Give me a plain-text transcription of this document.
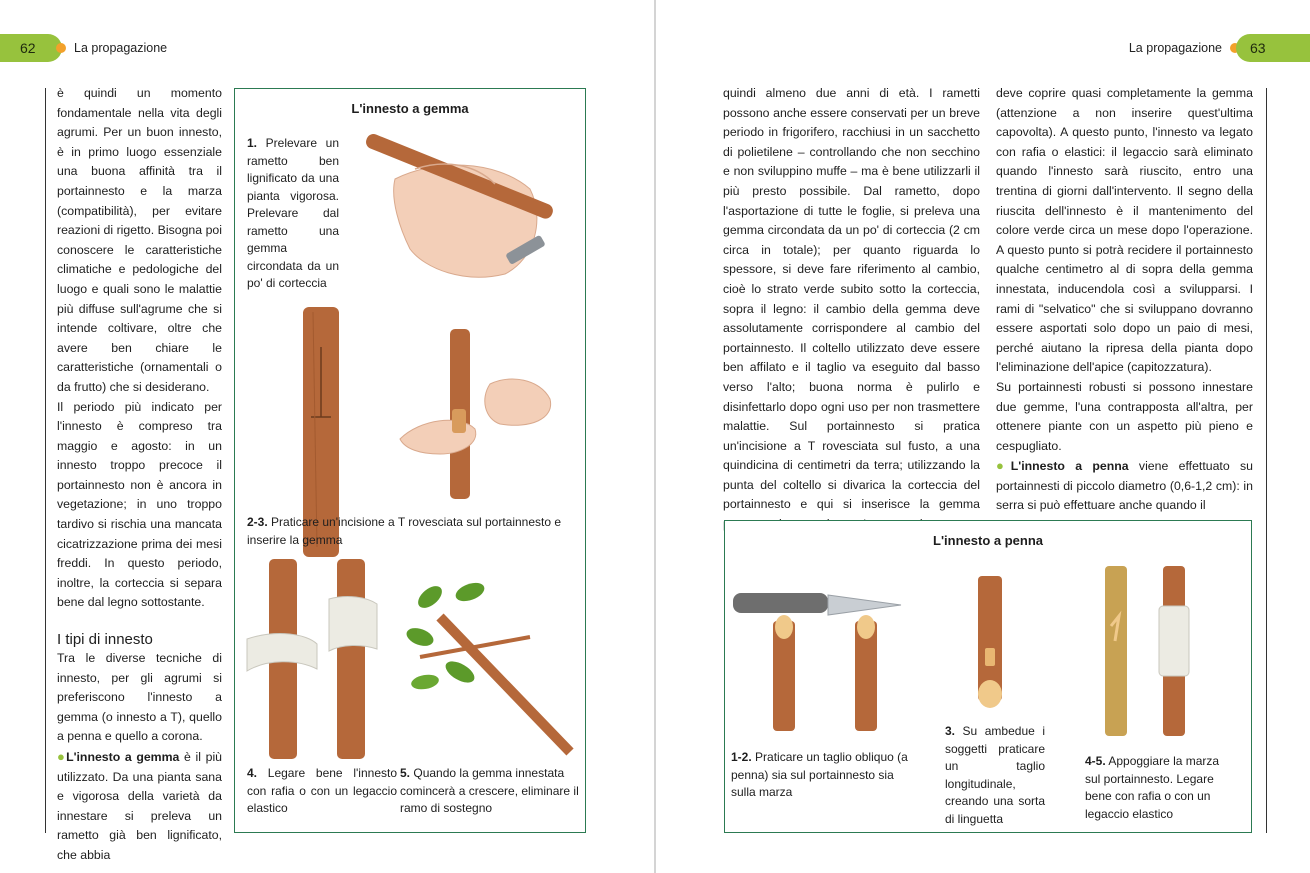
62	La propagazione

è quindi un momento fondamentale nella vita degli agrumi. Per un buon innesto, è in primo luogo essenziale una buona affinità tra il portainnesto e la marza (compatibilità), per evitare reazioni di rigetto. Bisogna poi conoscere le caratteristiche climatiche e pedologiche del luogo e quali sono le malattie più diffuse sull'agrume che si intende coltivare, oltre che avere ben chiare le caratteristiche (ornamentali o da frutto) che si desiderano.

Il periodo più indicato per l'innesto è compreso tra maggio e agosto: in un innesto troppo precoce il portainnesto non è ancora in vegetazione; in uno troppo tardivo si rischia una mancata cicatrizzazione prima dei mesi freddi. In questo periodo, inoltre, la corteccia si separa bene dal legno sottostante.

I tipi di innesto

Tra le diverse tecniche di innesto, per gli agrumi si preferiscono l'innesto a gemma (o innesto a T), quello a penna e quello a corona.

●L'innesto a gemma è il più utilizzato. Da una pianta sana e vigorosa della varietà da innestare si preleva un rametto già ben lignificato, che abbia

L'innesto a gemma
1. Prelevare un rametto ben lignificato da una pianta vigorosa. Prelevare dal rametto una gemma circondata da un po' di corteccia
2-3. Praticare un'incisione a T rovesciata sul portainnesto e inserire la gemma
4. Legare bene l'innesto con rafia o con un legaccio elastico
5. Quando la gemma innestata comincerà a crescere, eliminare il ramo di sostegno
La propagazione	63

quindi almeno due anni di età. I rametti possono anche essere conservati per un breve periodo in frigorifero, racchiusi in un sacchetto di polietilene – controllando che non secchino e non sviluppino muffe – ma è bene utilizzarli il più presto possibile. Dal rametto, dopo l'asportazione di tutte le foglie, si preleva una gemma circondata da un po' di corteccia (2 cm circa in totale); per quanto riguarda lo spessore, si deve fare riferimento al cambio, cioè lo strato verde subito sotto la corteccia, sopra il legno: il cambio della gemma deve assolutamente corrispondere al cambio del portainnesto. Il coltello utilizzato deve essere ben affilato e il taglio va eseguito dal basso verso l'alto; buona norma è pulirlo e disinfettarlo dopo ogni uso per non trasmettere malattie. Sul portainnesto si pratica un'incisione a T rovesciata sul fusto, a una quindicina di centimetri da terra; utilizzando la punta del coltello si divarica la corteccia del portainnesto e qui si inserisce la gemma

deve coprire quasi completamente la gemma (attenzione a non inserire quest'ultima capovolta). A questo punto, l'innesto va legato con rafia o elastici: il legaccio sarà eliminato quando l'innesto sarà riuscito, entro una trentina di giorni dall'intervento. Il segno della riuscita dell'innesto è il mantenimento del colore verde circa un mese dopo l'operazione. A questo punto si potrà recidere il portainnesto qualche centimetro al di sopra della gemma innestata, inducendola così a svilupparsi. I rami di "selvatico" che si sviluppano dovranno essere asportati solo dopo un paio di mesi, perché aiutano la ripresa della pianta dopo l'eliminazione dell'apice (capitozzatura).

Su portainnesti robusti si possono innestare due gemme, l'una contrapposta all'altra, per ottenere piante con un aspetto più pieno e cespugliato.

●L'innesto a penna viene effettuato su portainnesti di piccolo diametro (0,6-1,2 cm): in serra si può effettuare anche quando il

L'innesto a penna
1-2. Praticare un taglio obliquo (a penna) sia sul portainnesto sia sulla marza
3. Su ambedue i soggetti praticare un taglio longitudinale, creando una sorta di linguetta
4-5. Appoggiare la marza sul portainnesto. Legare bene con rafia o con un legaccio elastico
